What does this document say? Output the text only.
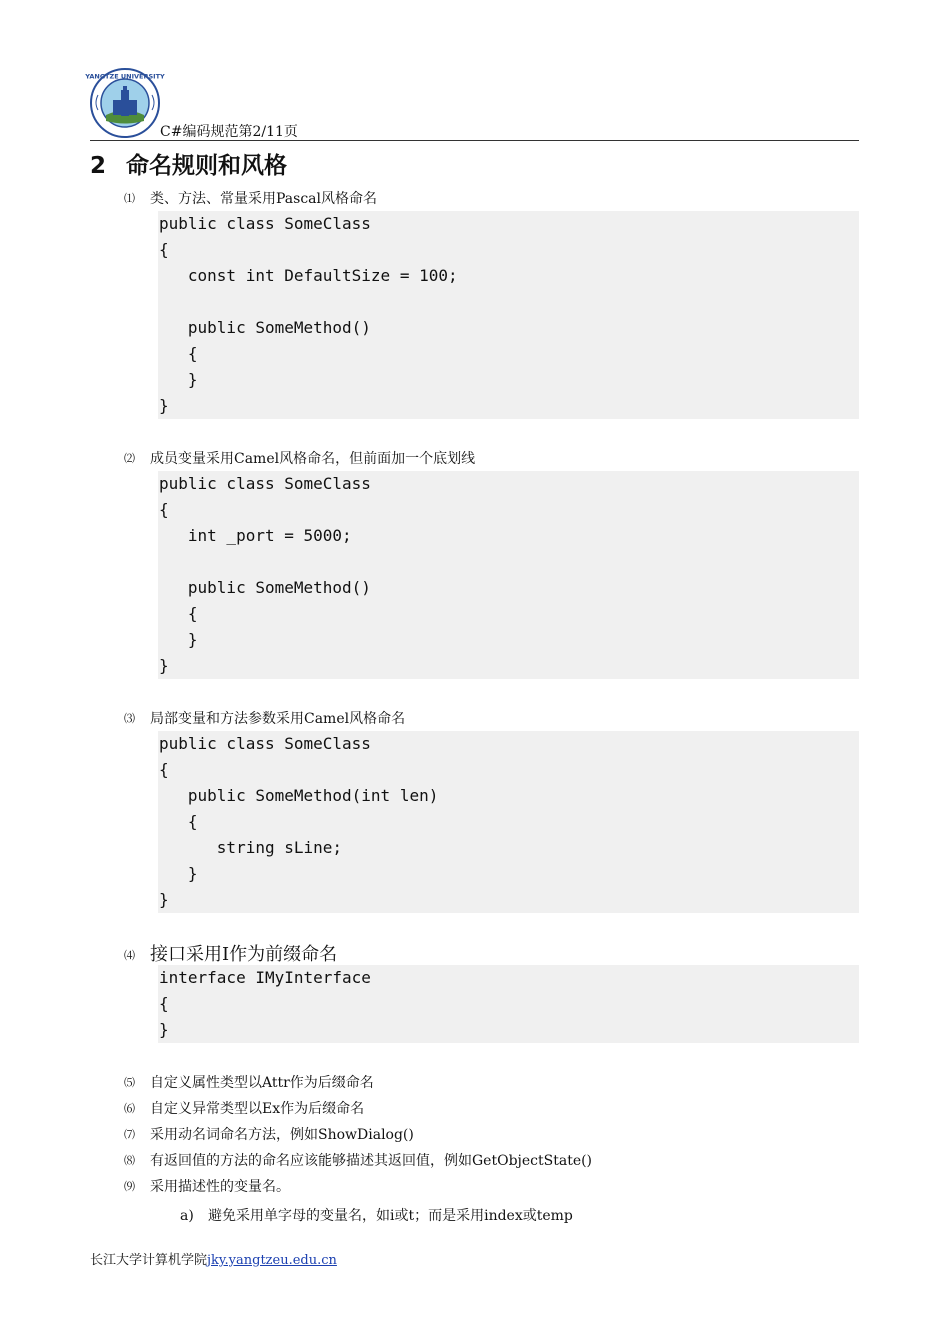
YANGTZE UNIVERSITY
C#编码规范第2/11页
2 命名规则和风格
⑴ 类、方法、常量采用Pascal风格命名
public class SomeClass
{
const int DefaultSize = 100;

public SomeMethod()
{
}
}
⑵ 成员变量采用Camel风格命名，但前面加一个底划线
public class SomeClass
{
int _port = 5000;

public SomeMethod()
{
}
}
⑶ 局部变量和方法参数采用Camel风格命名
public class SomeClass
{
public SomeMethod(int len)
{
string sLine;
}
}
⑷ 接口采用I作为前缀命名
interface IMyInterface
{
}
⑸ 自定义属性类型以Attr作为后缀命名
⑹ 自定义异常类型以Ex作为后缀命名
⑺ 采用动名词命名方法，例如ShowDialog()
⑻ 有返回值的方法的命名应该能够描述其返回值，例如GetObjectState()
⑼ 采用描述性的变量名。
a) 避免采用单字母的变量名，如i或t；而是采用index或temp
长江大学计算机学院jky.yangtzeu.edu.cn
